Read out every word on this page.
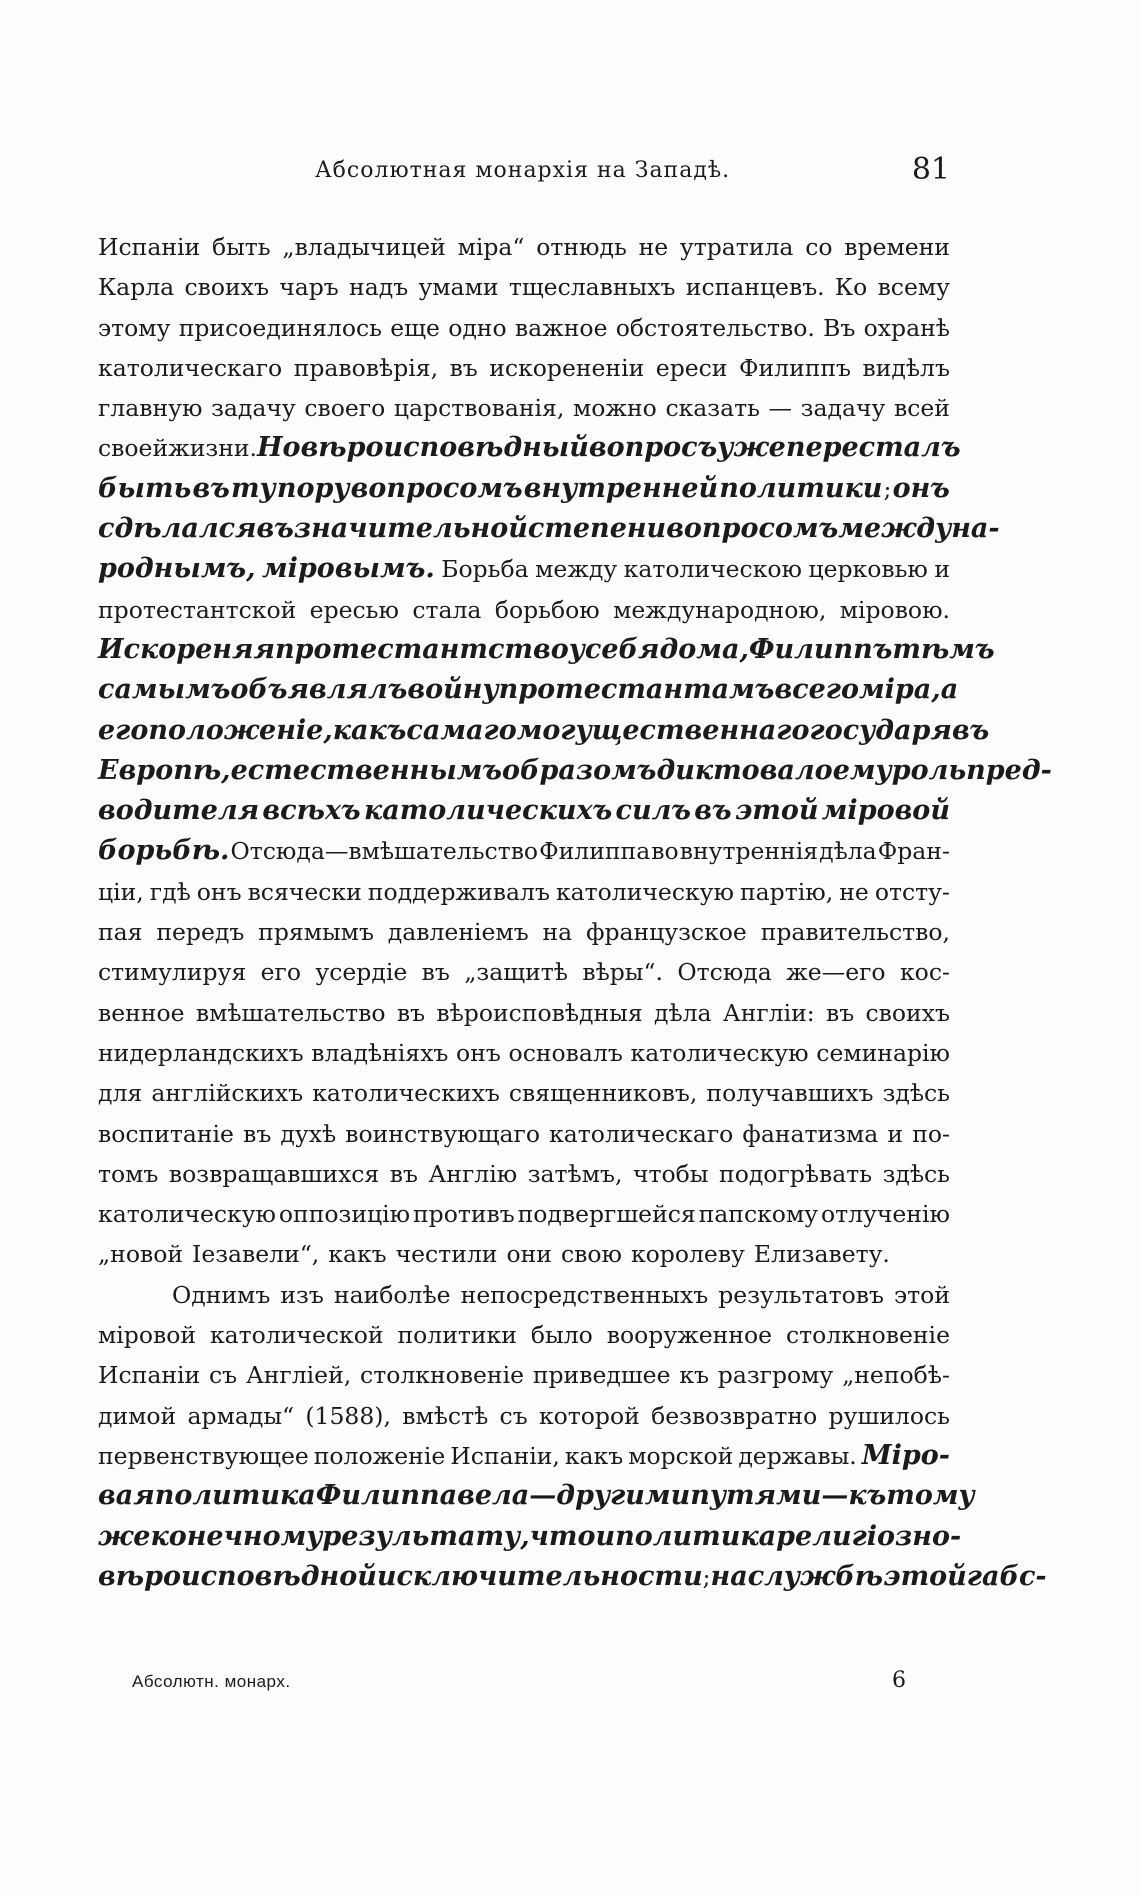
Абсолютная монархія на Западѣ.	81
Испаніи быть „владычицей міра“ отнюдь не утратила со времени
Карла своихъ чаръ надъ умами тщеславныхъ испанцевъ. Ко всему
этому присоединялось еще одно важное обстоятельство. Въ охранѣ
католическаго правовѣрія, въ искорененіи ереси Филиппъ видѣлъ
главную задачу своего царствованія, можно сказать — задачу всей
своей жизни. Но вѣроисповѣдный вопросъ уже пересталъ
быть въ ту пору вопросомъ внутренней политики ; онъ
сдѣлался въ значительной степени вопросомъ междуна-
роднымъ, міровымъ. Борьба между католическою церковью и
протестантской ересью стала борьбою международною, міровою.
Искореняя протестантство у себя дома, Филиппъ тѣмъ
самымъ объявлялъ войну протестантамъ всего міра, а
его положеніе, какъ самаго могущественнаго государя въ
Европѣ, естественнымъ образомъ диктовало ему роль пред-
водителя всѣхъ католическихъ силъ въ этой міровой
борьбѣ. Отсюда—вмѣшательство Филиппа во внутреннія дѣла Фран-
ціи, гдѣ онъ всячески поддерживалъ католическую партію, не отсту-
пая передъ прямымъ давленіемъ на французское правительство,
стимулируя его усердіе въ „защитѣ вѣры“. Отсюда же—его кос-
венное вмѣшательство въ вѣроисповѣдныя дѣла Англіи: въ своихъ
нидерландскихъ владѣніяхъ онъ основалъ католическую семинарію
для англійскихъ католическихъ священниковъ, получавшихъ здѣсь
воспитаніе въ духѣ воинствующаго католическаго фанатизма и по-
томъ возвращавшихся въ Англію затѣмъ, чтобы подогрѣвать здѣсь
католическую оппозицію противъ подвергшейся папскому отлученію
„новой Іезавели“, какъ честили они свою королеву Елизавету.
Однимъ изъ наиболѣе непосредственныхъ результатовъ этой
міровой католической политики было вооруженное столкновеніе
Испаніи съ Англіей, столкновеніе приведшее къ разгрому „непобѣ-
димой армады“ (1588), вмѣстѣ съ которой безвозвратно рушилось
первенствующее положеніе Испаніи, какъ морской державы. Міро-
вая политика Филиппа вела—другими путями—къ тому
же конечному результату, что и политика религіозно-
вѣроисповѣдной исключительности ; на службѣ этой габс-
Абсолютн. монарх.	6
